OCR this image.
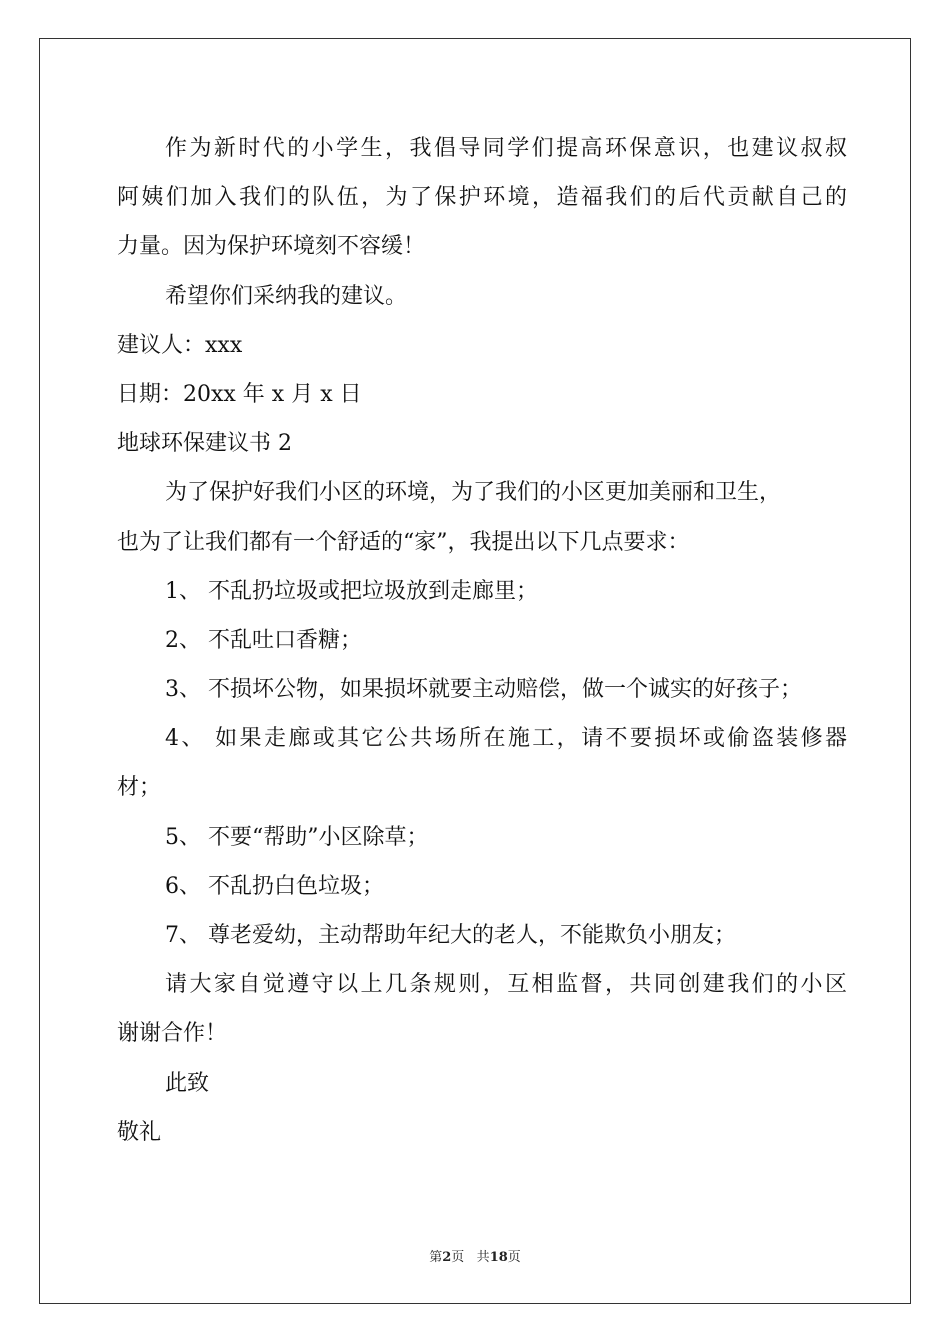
作为新时代的小学生，我倡导同学们提高环保意识，也建议叔叔
阿姨们加入我们的队伍，为了保护环境，造福我们的后代贡献自己的
力量。因为保护环境刻不容缓！
希望你们采纳我的建议。
建议人：xxx
日期：20xx 年 x 月 x 日
地球环保建议书 2
为了保护好我们小区的环境，为了我们的小区更加美丽和卫生，
也为了让我们都有一个舒适的“家”，我提出以下几点要求：
1、 不乱扔垃圾或把垃圾放到走廊里；
2、 不乱吐口香糖；
3、 不损坏公物，如果损坏就要主动赔偿，做一个诚实的好孩子；
4、 如果走廊或其它公共场所在施工，请不要损坏或偷盗装修器
材；
5、 不要“帮助”小区除草；
6、 不乱扔白色垃圾；
7、 尊老爱幼，主动帮助年纪大的老人，不能欺负小朋友；
请大家自觉遵守以上几条规则，互相监督，共同创建我们的小区
谢谢合作！
此致
敬礼
第2页 共18页
